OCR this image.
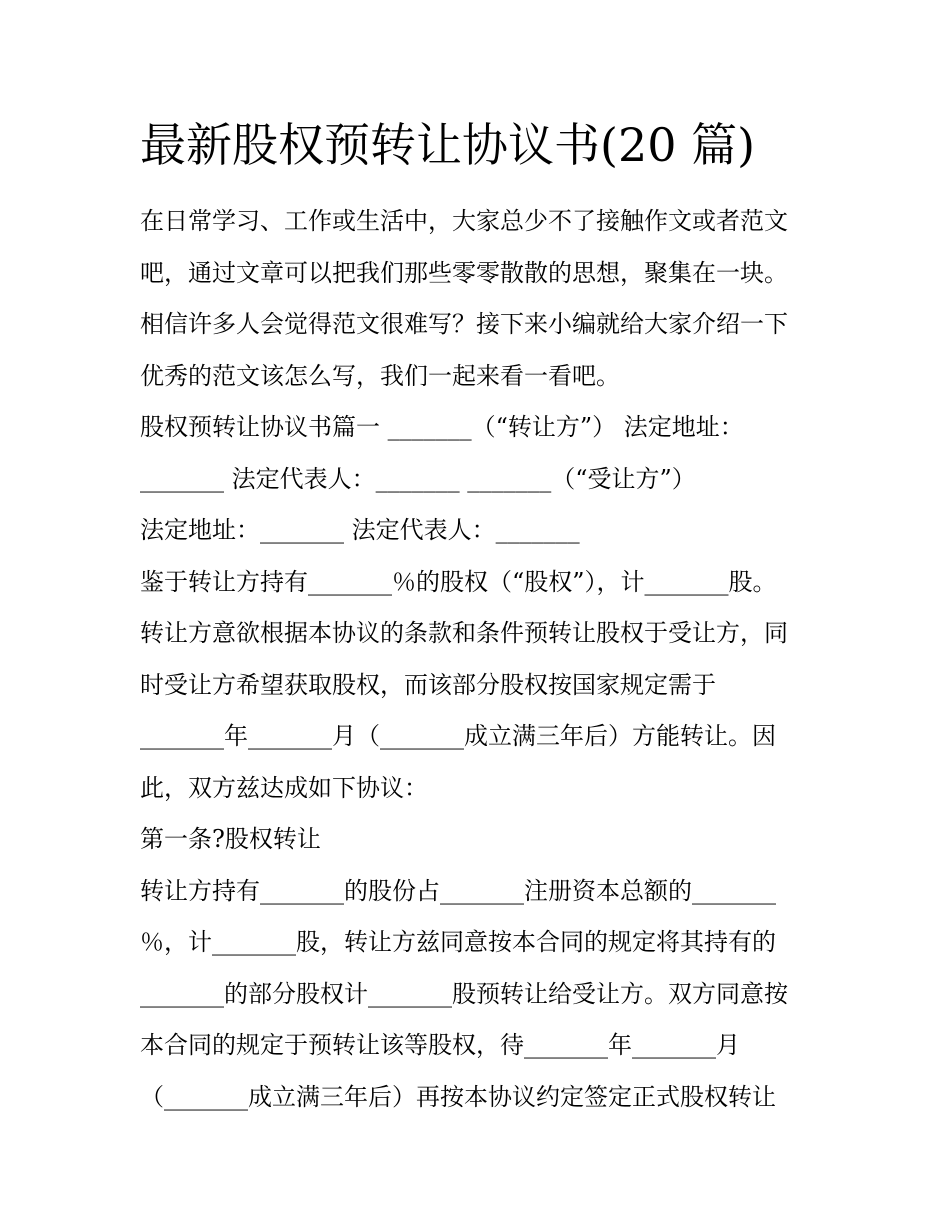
最新股权预转让协议书(20 篇)
在日常学习、工作或生活中，大家总少不了接触作文或者范文
吧，通过文章可以把我们那些零零散散的思想，聚集在一块。
相信许多人会觉得范文很难写？接下来小编就给大家介绍一下
优秀的范文该怎么写，我们一起来看一看吧。
股权预转让协议书篇一 _______（“转让方”） 法定地址：
_______ 法定代表人：_______ _______（“受让方”）
法定地址：_______ 法定代表人：_______
鉴于转让方持有_______％的股权（“股权”），计_______股。
转让方意欲根据本协议的条款和条件预转让股权于受让方，同
时受让方希望获取股权，而该部分股权按国家规定需于
_______年_______月（_______成立满三年后）方能转让。因
此，双方兹达成如下协议：
第一条?股权转让
转让方持有_______的股份占_______注册资本总额的_______
％，计_______股，转让方兹同意按本合同的规定将其持有的
_______的部分股权计_______股预转让给受让方。双方同意按
本合同的规定于预转让该等股权，待_______年_______月
（_______成立满三年后）再按本协议约定签定正式股权转让
